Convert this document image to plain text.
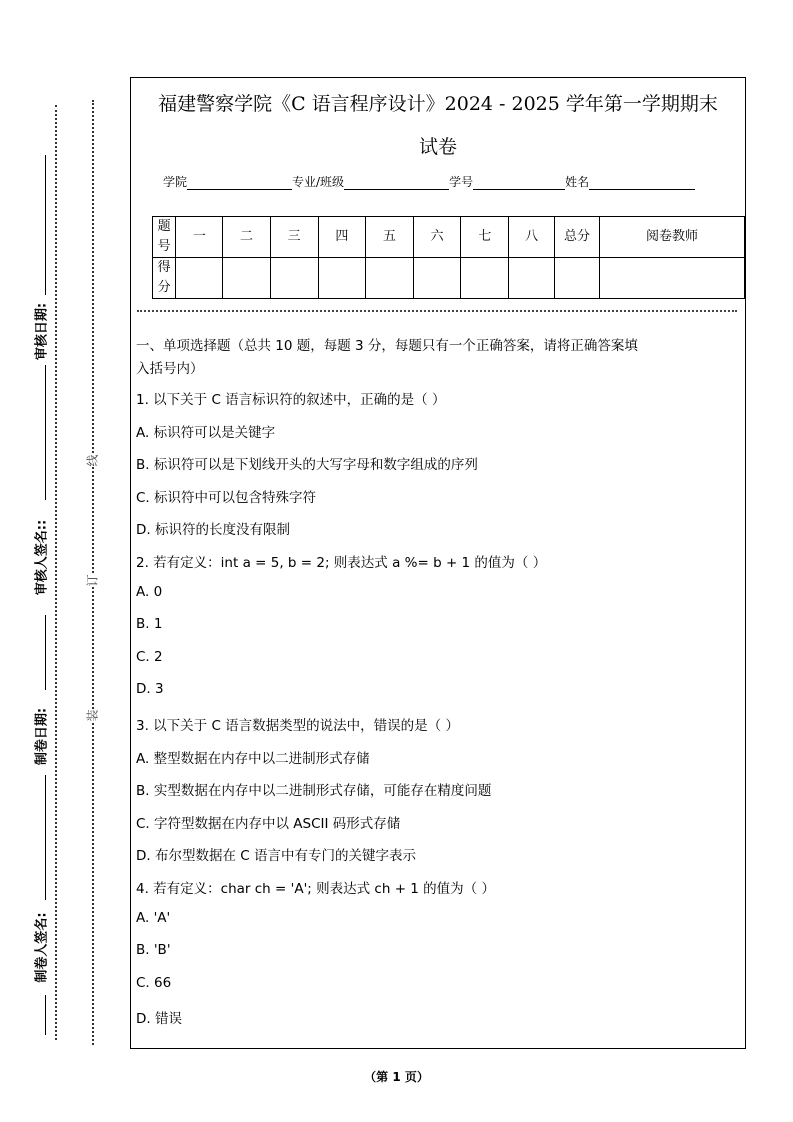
审核日期:
审核人签名::
制卷日期:
制卷人签名:
线
订
装
福建警察学院《C 语言程序设计》2024 - 2025 学年第一学期期末
试卷
学院	专业/班级	学号	姓名
题号	一	二	三	四	五	六	七	八	总分	阅卷教师
得分										
一、单项选择题（总共 10 题，每题 3 分，每题只有一个正确答案，请将正确答案填
入括号内）
1. 以下关于 C 语言标识符的叙述中，正确的是（ ）
A. 标识符可以是关键字
B. 标识符可以是下划线开头的大写字母和数字组成的序列
C. 标识符中可以包含特殊字符
D. 标识符的长度没有限制
2. 若有定义：int a = 5, b = 2; 则表达式 a %= b + 1 的值为（ ）
A. 0
B. 1
C. 2
D. 3
3. 以下关于 C 语言数据类型的说法中，错误的是（ ）
A. 整型数据在内存中以二进制形式存储
B. 实型数据在内存中以二进制形式存储，可能存在精度问题
C. 字符型数据在内存中以 ASCII 码形式存储
D. 布尔型数据在 C 语言中有专门的关键字表示
4. 若有定义：char ch = 'A'; 则表达式 ch + 1 的值为（ ）
A. 'A'
B. 'B'
C. 66
D. 错误
（第 1 页）
